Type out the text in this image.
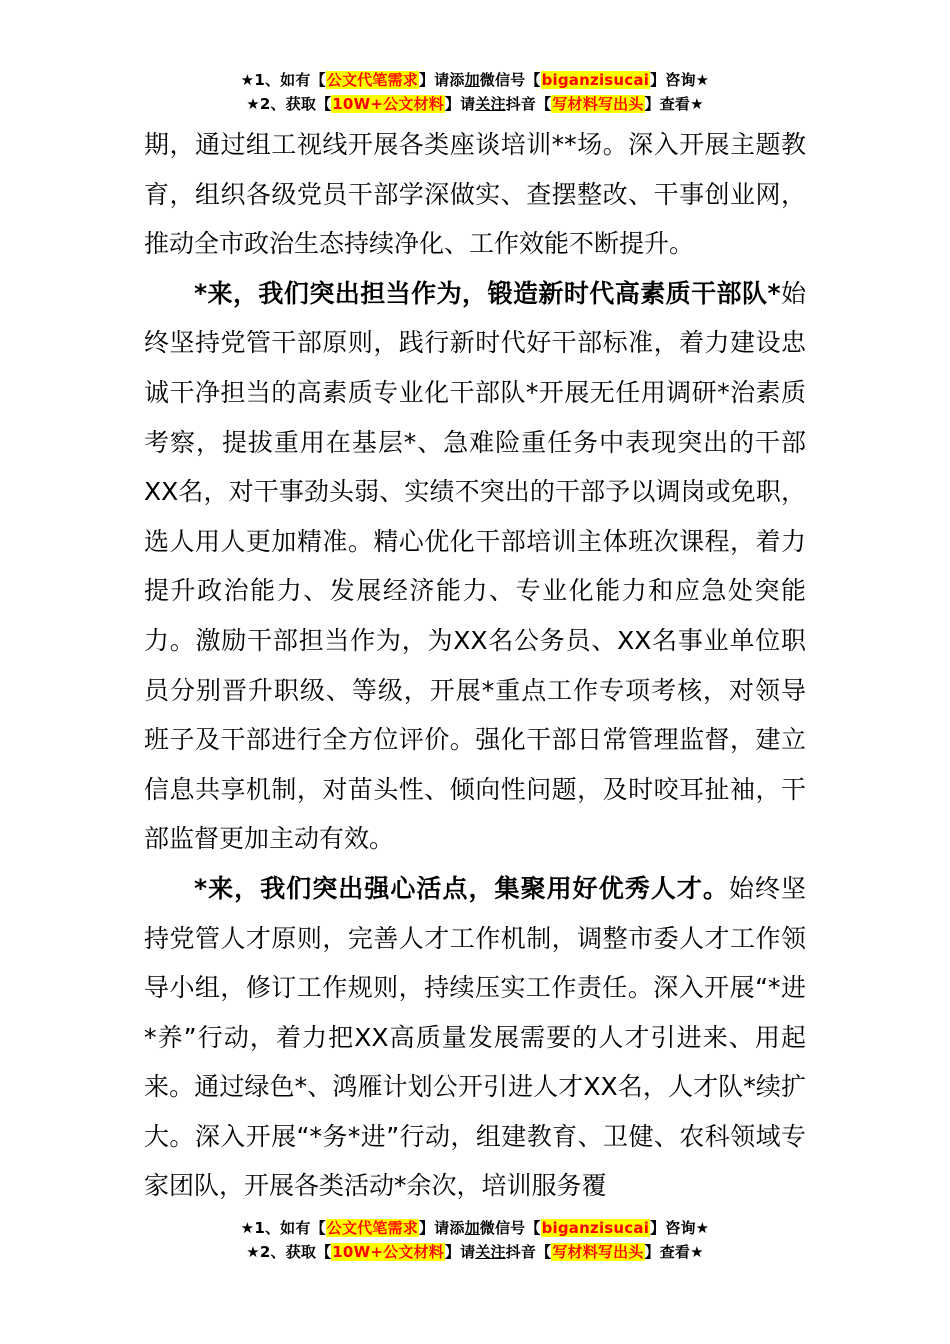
★1、如有【公文代笔需求】请添加微信号【biganzisucai】咨询★
★2、获取【10W+公文材料】请关注抖音【写材料写出头】查看★

期，通过组工视线开展各类座谈培训**场。深入开展主题教育，组织各级党员干部学深做实、查摆整改、干事创业网，推动全市政治生态持续净化、工作效能不断提升。

*来，我们突出担当作为，锻造新时代高素质干部队*始终坚持党管干部原则，践行新时代好干部标准，着力建设忠诚干净担当的高素质专业化干部队*开展无任用调研*治素质考察，提拔重用在基层*、急难险重任务中表现突出的干部XX名，对干事劲头弱、实绩不突出的干部予以调岗或免职，选人用人更加精准。精心优化干部培训主体班次课程，着力提升政治能力、发展经济能力、专业化能力和应急处突能力。激励干部担当作为，为XX名公务员、XX名事业单位职员分别晋升职级、等级，开展*重点工作专项考核，对领导班子及干部进行全方位评价。强化干部日常管理监督，建立信息共享机制，对苗头性、倾向性问题，及时咬耳扯袖，干部监督更加主动有效。

*来，我们突出强心活点，集聚用好优秀人才。始终坚持党管人才原则，完善人才工作机制，调整市委人才工作领导小组，修订工作规则，持续压实工作责任。深入开展“*进*养”行动，着力把XX高质量发展需要的人才引进来、用起来。通过绿色*、鸿雁计划公开引进人才XX名，人才队*续扩大。深入开展“*务*进”行动，组建教育、卫健、农科领域专家团队，开展各类活动*余次，培训服务覆

★1、如有【公文代笔需求】请添加微信号【biganzisucai】咨询★
★2、获取【10W+公文材料】请关注抖音【写材料写出头】查看★
